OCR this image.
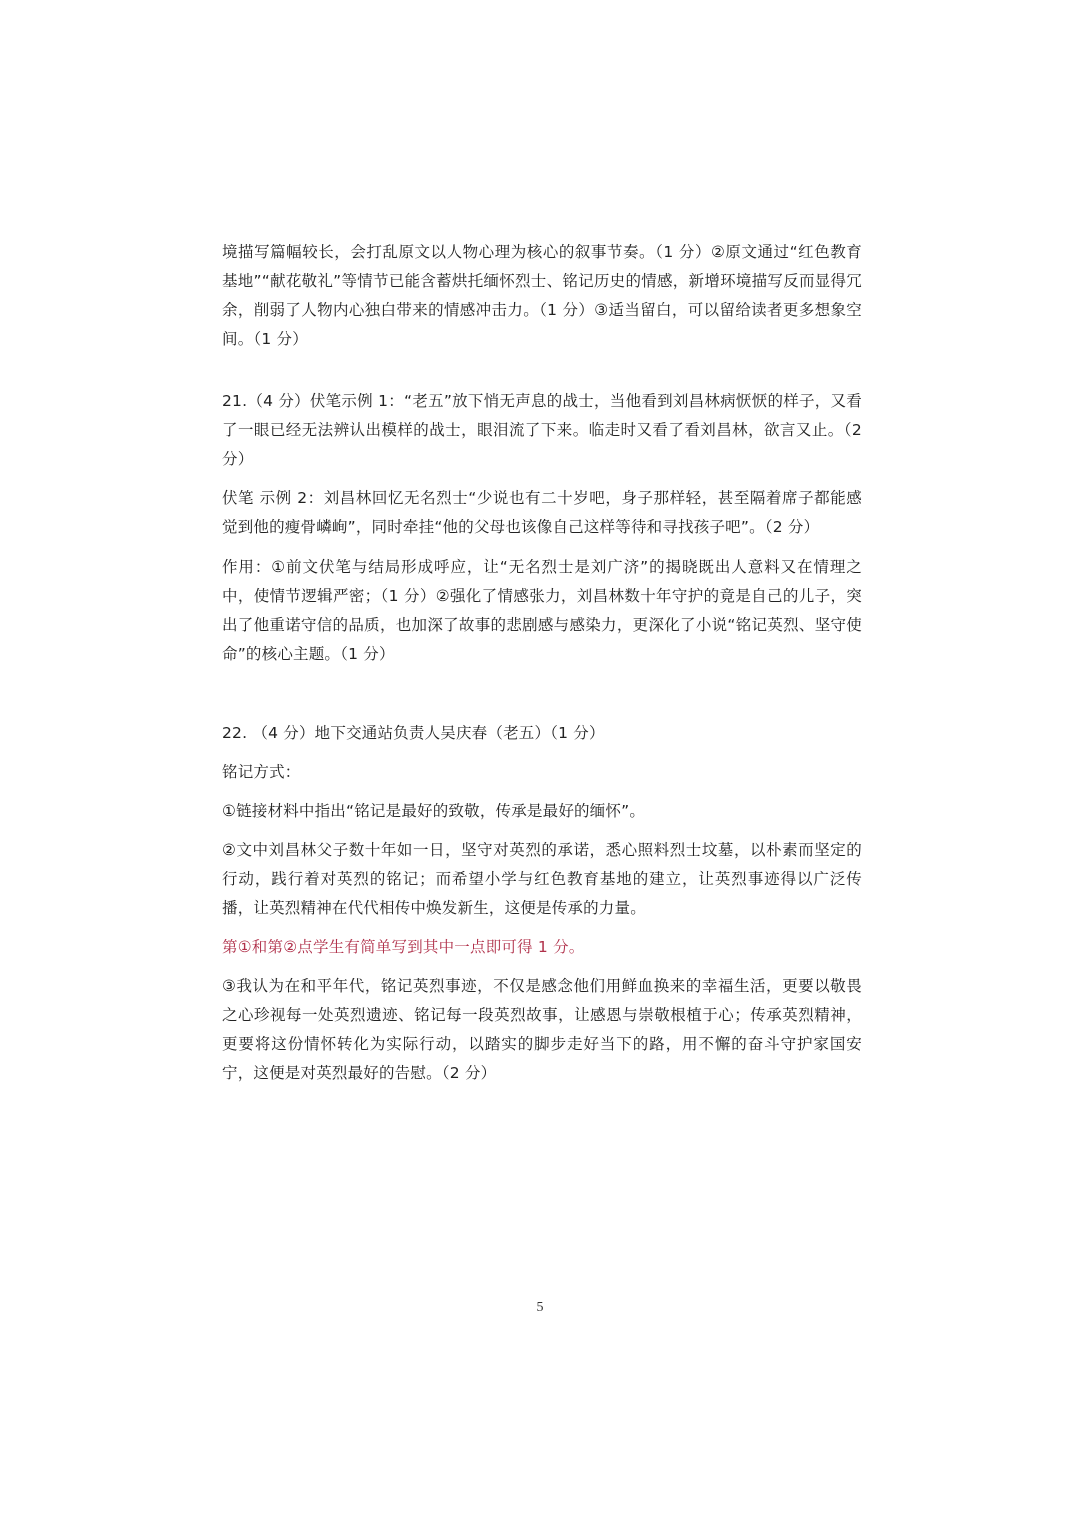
境描写篇幅较长，会打乱原文以人物心理为核心的叙事节奏。（1 分）②原文通过“红色教育基地”“献花敬礼”等情节已能含蓄烘托缅怀烈士、铭记历史的情感，新增环境描写反而显得冗余，削弱了人物内心独白带来的情感冲击力。（1 分）③适当留白，可以留给读者更多想象空间。（1 分）

21.（4 分）伏笔示例 1：“老五”放下悄无声息的战士，当他看到刘昌林病恹恹的样子，又看了一眼已经无法辨认出模样的战士，眼泪流了下来。临走时又看了看刘昌林，欲言又止。（2 分）

伏笔 示例 2：刘昌林回忆无名烈士“少说也有二十岁吧，身子那样轻，甚至隔着席子都能感觉到他的瘦骨嶙峋”，同时牵挂“他的父母也该像自己这样等待和寻找孩子吧”。（2 分）

作用：①前文伏笔与结局形成呼应，让“无名烈士是刘广济”的揭晓既出人意料又在情理之中，使情节逻辑严密；（1 分）②强化了情感张力，刘昌林数十年守护的竟是自己的儿子，突出了他重诺守信的品质，也加深了故事的悲剧感与感染力，更深化了小说“铭记英烈、坚守使命”的核心主题。（1 分）

22. （4 分）地下交通站负责人吴庆春（老五）（1 分）

铭记方式：

①链接材料中指出“铭记是最好的致敬，传承是最好的缅怀”。

②文中刘昌林父子数十年如一日，坚守对英烈的承诺，悉心照料烈士坟墓，以朴素而坚定的行动，践行着对英烈的铭记；而希望小学与红色教育基地的建立，让英烈事迹得以广泛传播，让英烈精神在代代相传中焕发新生，这便是传承的力量。

第①和第②点学生有简单写到其中一点即可得 1 分。

③我认为在和平年代，铭记英烈事迹，不仅是感念他们用鲜血换来的幸福生活，更要以敬畏之心珍视每一处英烈遗迹、铭记每一段英烈故事，让感恩与崇敬根植于心；传承英烈精神，更要将这份情怀转化为实际行动，以踏实的脚步走好当下的路，用不懈的奋斗守护家国安宁，这便是对英烈最好的告慰。（2 分）

5
